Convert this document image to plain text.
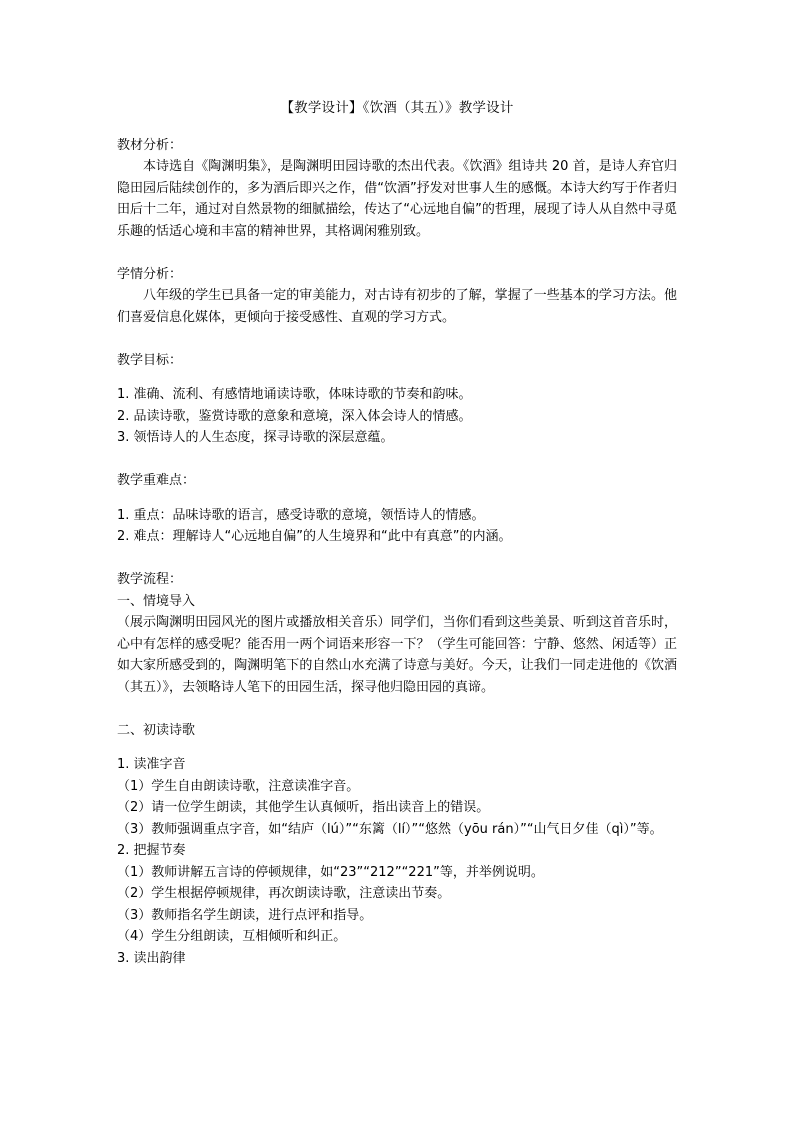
【教学设计】《饮酒（其五）》教学设计

教材分析：

本诗选自《陶渊明集》，是陶渊明田园诗歌的杰出代表。《饮酒》组诗共 20 首，是诗人弃官归隐田园后陆续创作的，多为酒后即兴之作，借“饮酒”抒发对世事人生的感慨。本诗大约写于作者归田后十二年，通过对自然景物的细腻描绘，传达了“心远地自偏”的哲理，展现了诗人从自然中寻觅乐趣的恬适心境和丰富的精神世界，其格调闲雅别致。

学情分析：

八年级的学生已具备一定的审美能力，对古诗有初步的了解，掌握了一些基本的学习方法。他们喜爱信息化媒体，更倾向于接受感性、直观的学习方式。

教学目标：

1. 准确、流利、有感情地诵读诗歌，体味诗歌的节奏和韵味。

2. 品读诗歌，鉴赏诗歌的意象和意境，深入体会诗人的情感。

3. 领悟诗人的人生态度，探寻诗歌的深层意蕴。

教学重难点：

1. 重点：品味诗歌的语言，感受诗歌的意境，领悟诗人的情感。

2. 难点：理解诗人“心远地自偏”的人生境界和“此中有真意”的内涵。

教学流程：

一、情境导入

（展示陶渊明田园风光的图片或播放相关音乐）同学们，当你们看到这些美景、听到这首音乐时，心中有怎样的感受呢？能否用一两个词语来形容一下？（学生可能回答：宁静、悠然、闲适等）正如大家所感受到的，陶渊明笔下的自然山水充满了诗意与美好。今天，让我们一同走进他的《饮酒（其五）》，去领略诗人笔下的田园生活，探寻他归隐田园的真谛。

二、初读诗歌

1. 读准字音

（1）学生自由朗读诗歌，注意读准字音。

（2）请一位学生朗读，其他学生认真倾听，指出读音上的错误。

（3）教师强调重点字音，如“结庐（lú）”“东篱（lí）”“悠然（yōu rán）”“山气日夕佳（qì）”等。

2. 把握节奏

（1）教师讲解五言诗的停顿规律，如“23”“212”“221”等，并举例说明。

（2）学生根据停顿规律，再次朗读诗歌，注意读出节奏。

（3）教师指名学生朗读，进行点评和指导。

（4）学生分组朗读，互相倾听和纠正。

3. 读出韵律
